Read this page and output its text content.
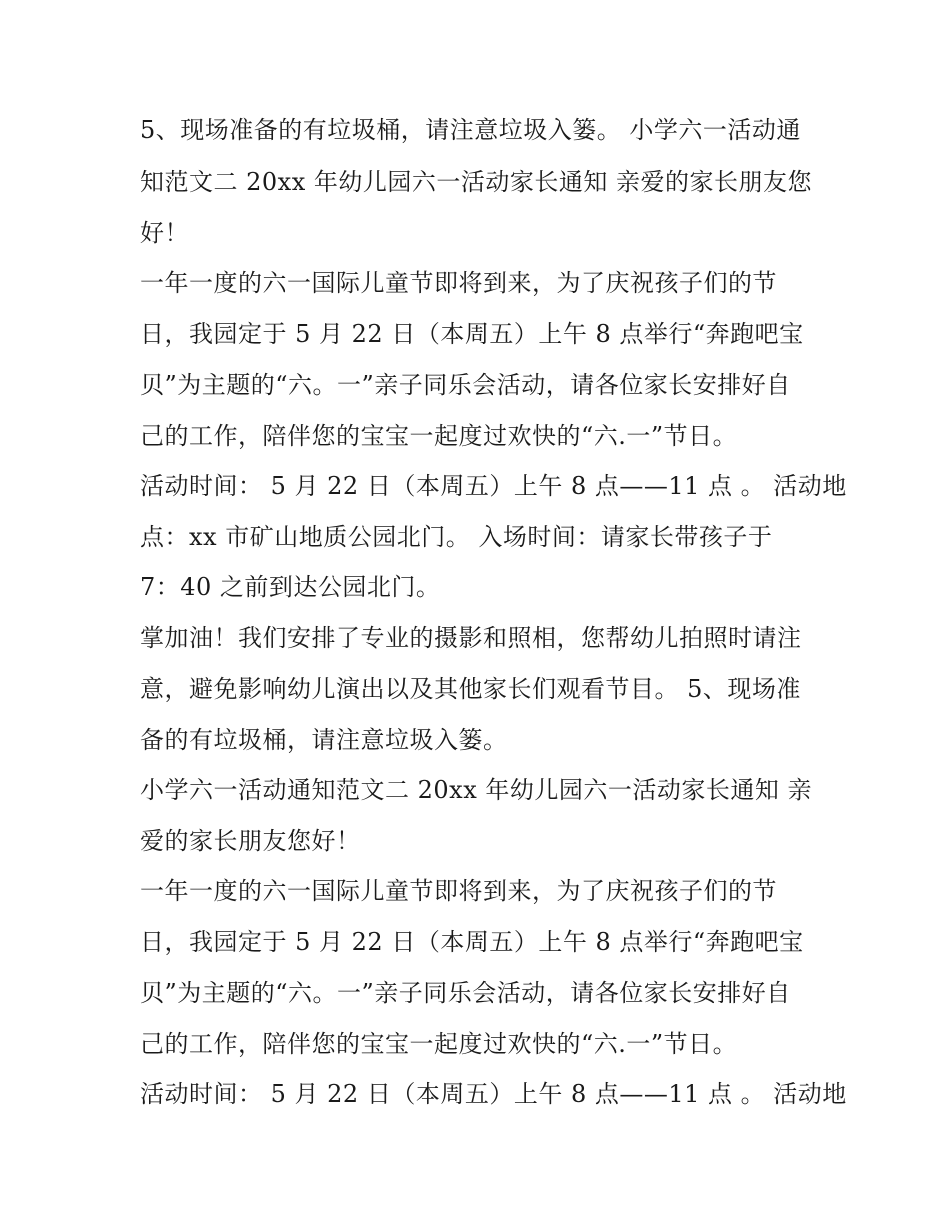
5、现场准备的有垃圾桶，请注意垃圾入篓。 小学六一活动通
知范文二 20xx 年幼儿园六一活动家长通知 亲爱的家长朋友您
好！
一年一度的六一国际儿童节即将到来，为了庆祝孩子们的节
日，我园定于 5 月 22 日（本周五）上午 8 点举行“奔跑吧宝
贝”为主题的“六。一”亲子同乐会活动，请各位家长安排好自
己的工作，陪伴您的宝宝一起度过欢快的“六.一”节日。
活动时间： 5 月 22 日（本周五）上午 8 点——11 点 。 活动地
点：xx 市矿山地质公园北门。 入场时间：请家长带孩子于
7：40 之前到达公园北门。
掌加油！我们安排了专业的摄影和照相，您帮幼儿拍照时请注
意，避免影响幼儿演出以及其他家长们观看节目。 5、现场准
备的有垃圾桶，请注意垃圾入篓。
小学六一活动通知范文二 20xx 年幼儿园六一活动家长通知 亲
爱的家长朋友您好！
一年一度的六一国际儿童节即将到来，为了庆祝孩子们的节
日，我园定于 5 月 22 日（本周五）上午 8 点举行“奔跑吧宝
贝”为主题的“六。一”亲子同乐会活动，请各位家长安排好自
己的工作，陪伴您的宝宝一起度过欢快的“六.一”节日。
活动时间： 5 月 22 日（本周五）上午 8 点——11 点 。 活动地
